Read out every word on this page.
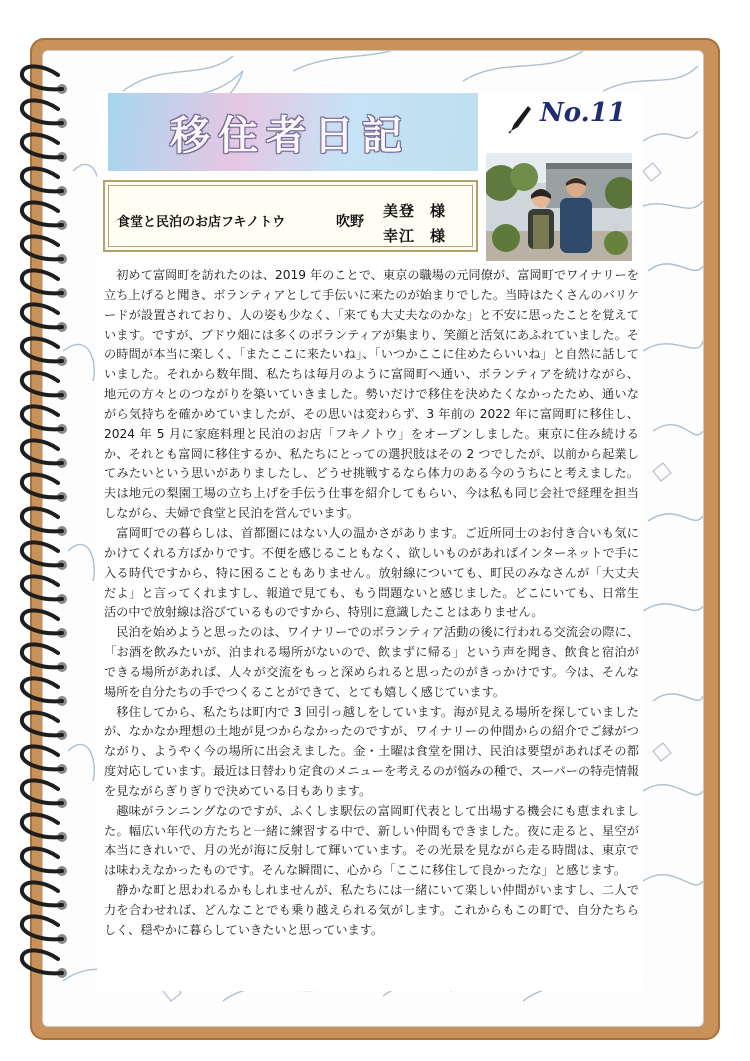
移住者日記	No.11
食堂と民泊のお店フキノトウ	吹野
美登
幸江
様
様

初めて富岡町を訪れたのは、2019 年のことで、東京の職場の元同僚が、富岡町でワイナリーを立ち上げると聞き、ボランティアとして手伝いに来たのが始まりでした。当時はたくさんのバリケードが設置されており、人の姿も少なく、「来ても大丈夫なのかな」と不安に思ったことを覚えています。ですが、ブドウ畑には多くのボランティアが集まり、笑顔と活気にあふれていました。その時間が本当に楽しく、「またここに来たいね」、「いつかここに住めたらいいね」と自然に話していました。それから数年間、私たちは毎月のように富岡町へ通い、ボランティアを続けながら、地元の方々とのつながりを築いていきました。勢いだけで移住を決めたくなかったため、通いながら気持ちを確かめていましたが、その思いは変わらず、3 年前の 2022 年に富岡町に移住し、2024 年 5 月に家庭料理と民泊のお店「フキノトウ」をオープンしました。東京に住み続けるか、それとも富岡に移住するか、私たちにとっての選択肢はその 2 つでしたが、以前から起業してみたいという思いがありましたし、どうせ挑戦するなら体力のある今のうちにと考えました。夫は地元の梨園工場の立ち上げを手伝う仕事を紹介してもらい、今は私も同じ会社で経理を担当しながら、夫婦で食堂と民泊を営んでいます。

富岡町での暮らしは、首都圏にはない人の温かさがあります。ご近所同士のお付き合いも気にかけてくれる方ばかりです。不便を感じることもなく、欲しいものがあればインターネットで手に入る時代ですから、特に困ることもありません。放射線についても、町民のみなさんが「大丈夫だよ」と言ってくれますし、報道で見ても、もう問題ないと感じました。どこにいても、日常生活の中で放射線は浴びているものですから、特別に意識したことはありません。

民泊を始めようと思ったのは、ワイナリーでのボランティア活動の後に行われる交流会の際に、「お酒を飲みたいが、泊まれる場所がないので、飲まずに帰る」という声を聞き、飲食と宿泊ができる場所があれば、人々が交流をもっと深められると思ったのがきっかけです。今は、そんな場所を自分たちの手でつくることができて、とても嬉しく感じています。

移住してから、私たちは町内で 3 回引っ越しをしています。海が見える場所を探していましたが、なかなか理想の土地が見つからなかったのですが、ワイナリーの仲間からの紹介でご縁がつながり、ようやく今の場所に出会えました。金・土曜は食堂を開け、民泊は要望があればその都度対応しています。最近は日替わり定食のメニューを考えるのが悩みの種で、スーパーの特売情報を見ながらぎりぎりで決めている日もあります。

趣味がランニングなのですが、ふくしま駅伝の富岡町代表として出場する機会にも恵まれました。幅広い年代の方たちと一緒に練習する中で、新しい仲間もできました。夜に走ると、星空が本当にきれいで、月の光が海に反射して輝いています。その光景を見ながら走る時間は、東京では味わえなかったものです。そんな瞬間に、心から「ここに移住して良かったな」と感じます。

静かな町と思われるかもしれませんが、私たちには一緒にいて楽しい仲間がいますし、二人で力を合わせれば、どんなことでも乗り越えられる気がします。これからもこの町で、自分たちらしく、穏やかに暮らしていきたいと思っています。
